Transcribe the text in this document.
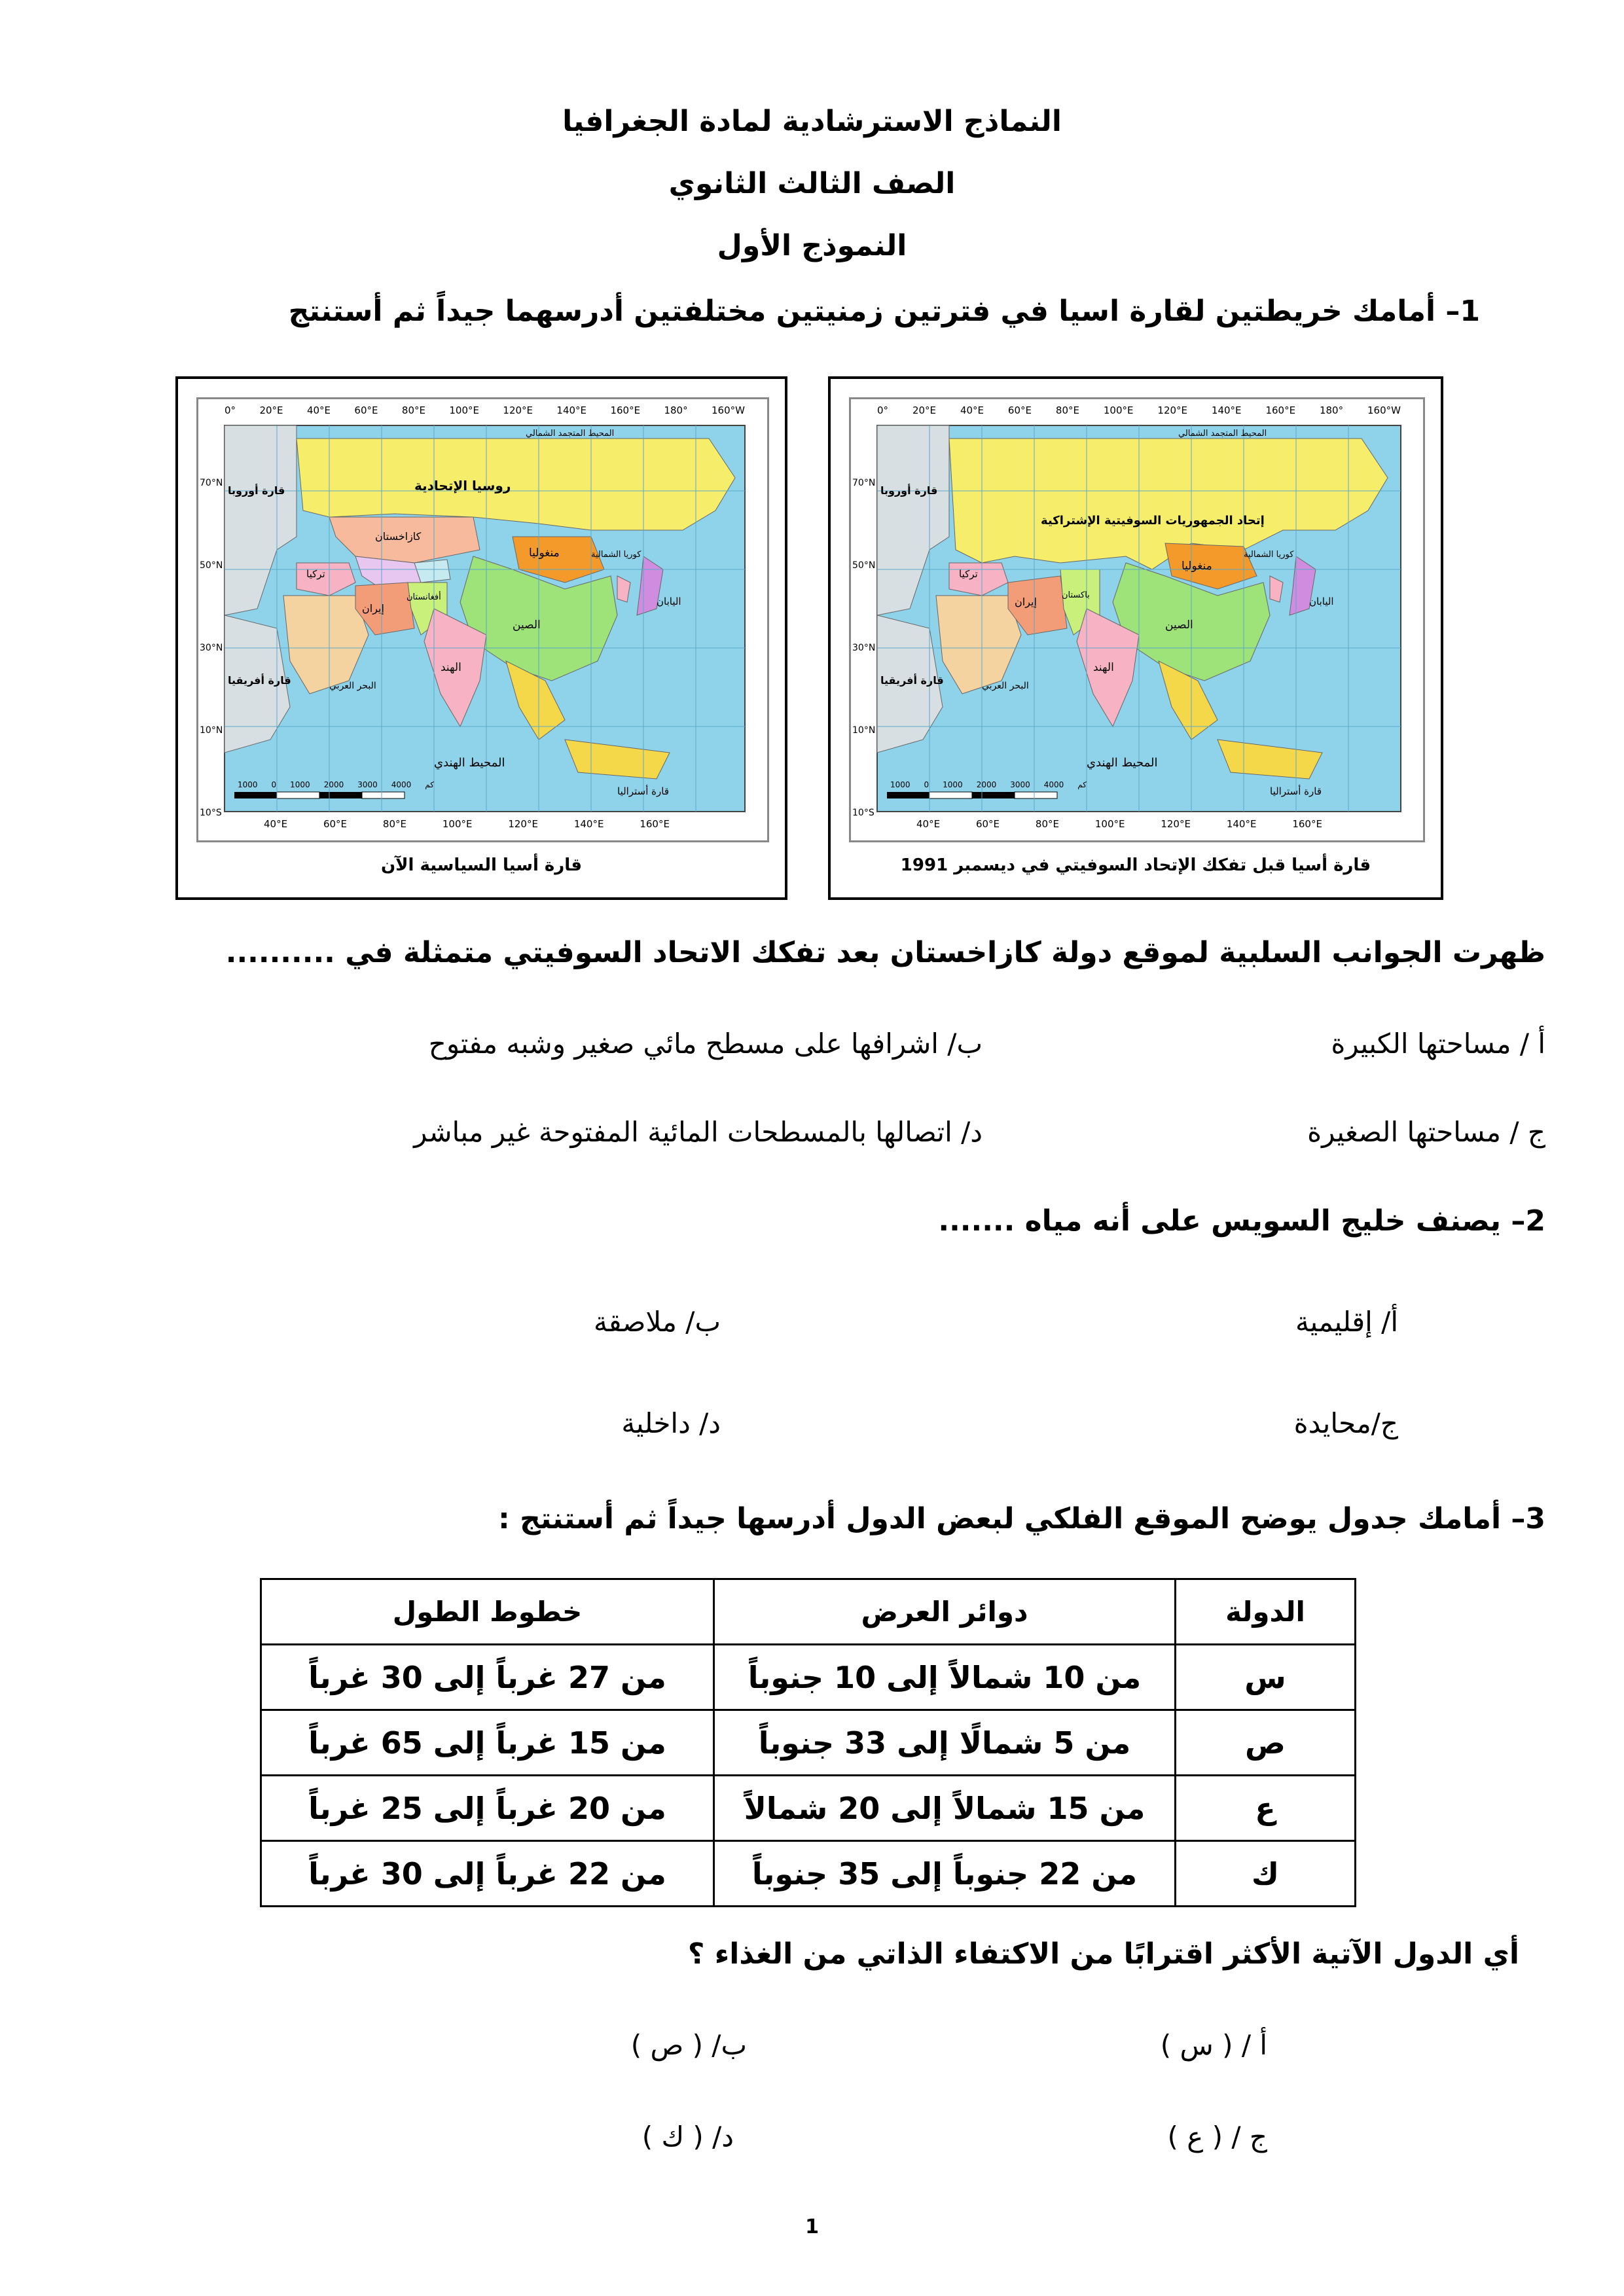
النماذج الاسترشادية لمادة الجغرافيا
الصف الثالث الثانوي
النموذج الأول
1– أمامك خريطتين لقارة اسيا في فترتين زمنيتين مختلفتين أدرسهما جيداً ثم أستنتج
0° 20°E 40°E 60°E 80°E 100°E 120°E 140°E 160°E 180° 160°W
40°E	60°E	80°E	100°E	120°E	140°E	160°E
70°N
50°N
30°N
10°N
10°S
إتحاد الجمهوريات السوفيتية الإشتراكية
منغوليا
الصين
الهند
إيران
تركيا
اليابان
كوريا الشمالية
باكستان
المحيط الهندي
قارة أوروبا
قارة أفريقيا
قارة أستراليا
البحر العربي
المحيط المتجمد الشمالي
1000 0 1000 2000 3000 4000 كم
قارة أسيا قبل تفكك الإتحاد السوفيتي في ديسمبر 1991
0° 20°E 40°E 60°E 80°E 100°E 120°E 140°E 160°E 180° 160°W
40°E	60°E	80°E	100°E	120°E	140°E	160°E
70°N
50°N
30°N
10°N
10°S
روسيا الإتحادية
منغوليا
كازاخستان
الصين
الهند
إيران
تركيا
أفغانستان	اليابان
كوريا الشمالية
المحيط الهندي
قارة أوروبا
قارة أفريقيا
قارة أستراليا
البحر العربي
المحيط المتجمد الشمالي
1000 0 1000 2000 3000 4000 كم
قارة أسيا السياسية الآن
ظهرت الجوانب السلبية لموقع دولة كازاخستان بعد تفكك الاتحاد السوفيتي متمثلة في ..........
أ / مساحتها الكبيرة
ب/ اشرافها على مسطح مائي صغير وشبه مفتوح
ج / مساحتها الصغيرة
د/ اتصالها بالمسطحات المائية المفتوحة غير مباشر
2– يصنف خليج السويس على أنه مياه .......
أ/ إقليمية
ب/ ملاصقة
ج/محايدة
د/ داخلية
3– أمامك جدول يوضح الموقع الفلكي لبعض الدول أدرسها جيداً ثم أستنتج :
الدولة	دوائر العرض	خطوط الطول
س	من 10 شمالاً إلى 10 جنوباً	من 27 غرباً إلى 30 غرباً
ص	من 5 شمالًا إلى 33 جنوباً	من 15 غرباً إلى 65 غرباً
ع	من 15 شمالاً إلى 20 شمالاً	من 20 غرباً إلى 25 غرباً
ك	من 22 جنوباً إلى 35 جنوباً	من 22 غرباً إلى 30 غرباً
أي الدول الآتية الأكثر اقترابًا من الاكتفاء الذاتي من الغذاء ؟
أ / ( س )
ب/ ( ص )
ج / ( ع )
د/ ( ك )
1
